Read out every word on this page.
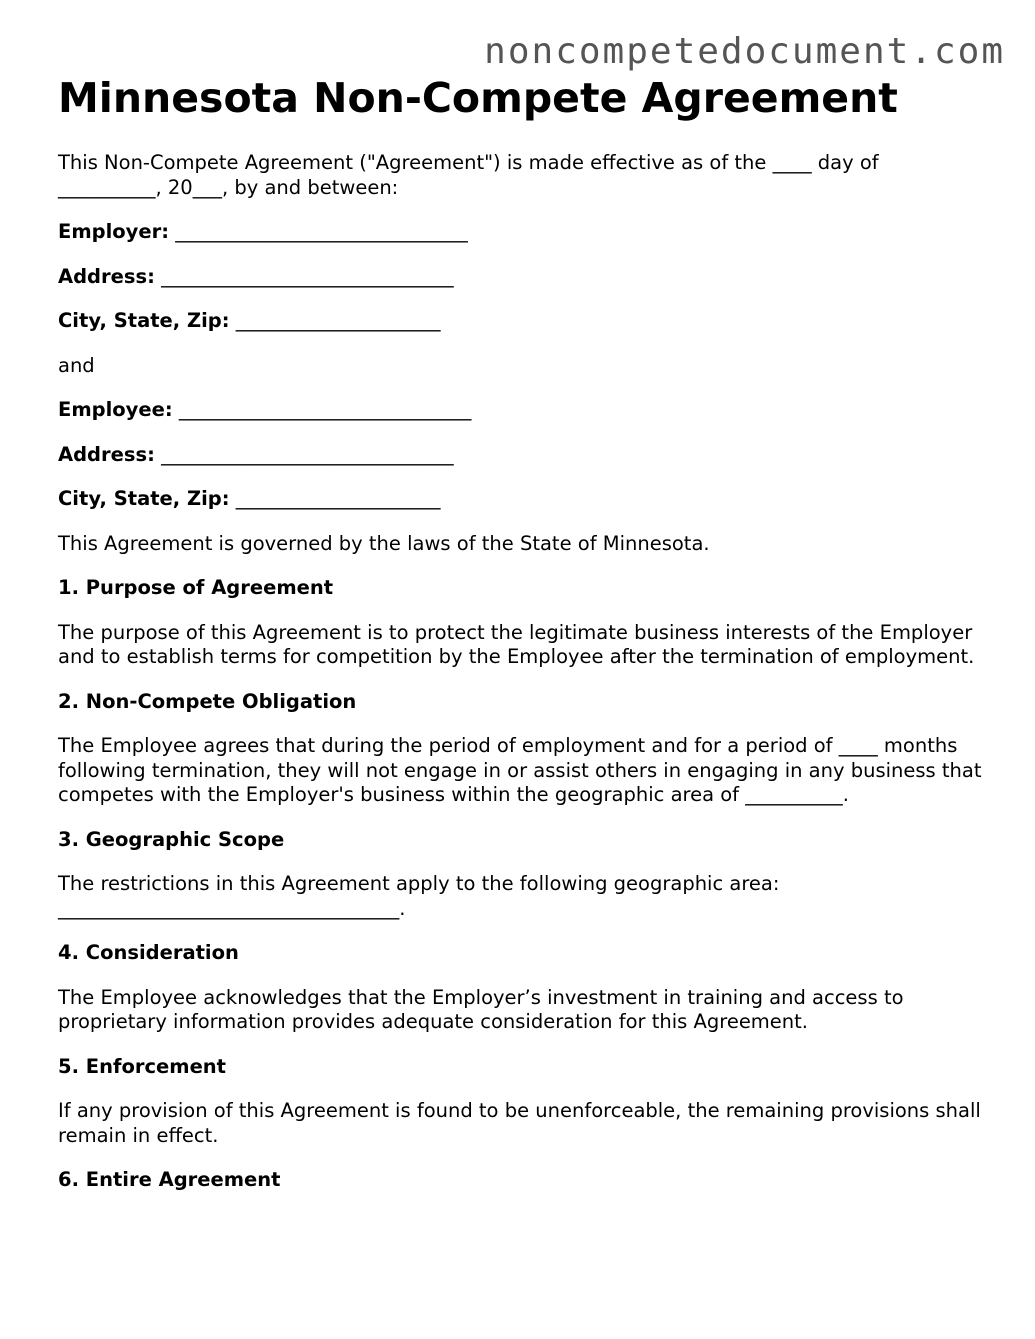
noncompetedocument.com
Minnesota Non-Compete Agreement

This Non-Compete Agreement ("Agreement") is made effective as of the ____ day of __________, 20___, by and between:

Employer: ______________________________

Address: ______________________________

City, State, Zip: _____________________

and

Employee: ______________________________

Address: ______________________________

City, State, Zip: _____________________

This Agreement is governed by the laws of the State of Minnesota.

1. Purpose of Agreement

The purpose of this Agreement is to protect the legitimate business interests of the Employer and to establish terms for competition by the Employee after the termination of employment.

2. Non-Compete Obligation

The Employee agrees that during the period of employment and for a period of ____ months following termination, they will not engage in or assist others in engaging in any business that competes with the Employer's business within the geographic area of __________.

3. Geographic Scope

The restrictions in this Agreement apply to the following geographic area: ___________________________________.

4. Consideration

The Employee acknowledges that the Employer’s investment in training and access to proprietary information provides adequate consideration for this Agreement.

5. Enforcement

If any provision of this Agreement is found to be unenforceable, the remaining provisions shall remain in effect.

6. Entire Agreement
